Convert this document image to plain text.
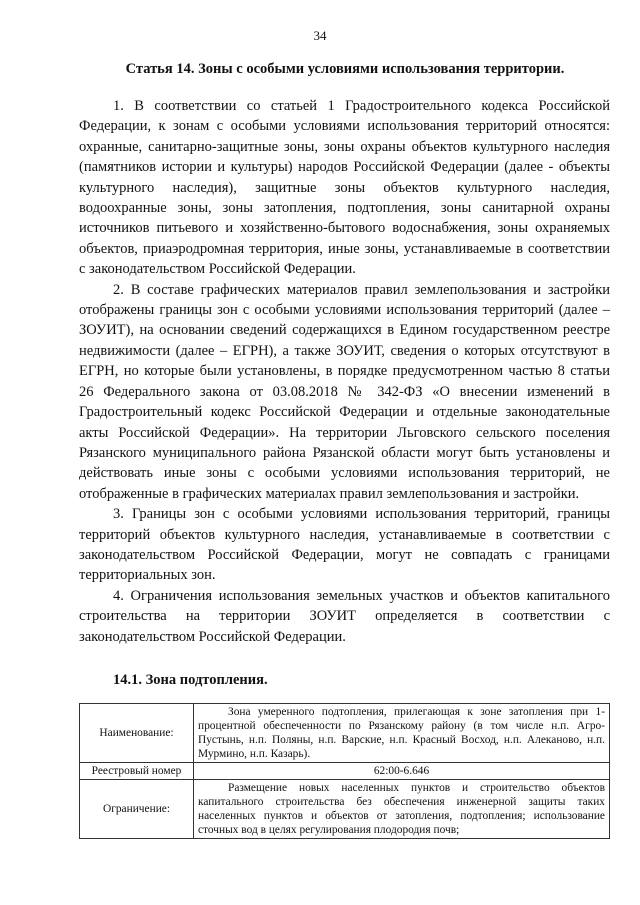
34
Статья 14. Зоны с особыми условиями использования территории.

1. В соответствии со статьей 1 Градостроительного кодекса Российской Федерации, к зонам с особыми условиями использования территорий относятся: охранные, санитарно-защитные зоны, зоны охраны объектов культурного наследия (памятников истории и культуры) народов Российской Федерации (далее - объекты культурного наследия), защитные зоны объектов культурного наследия, водоохранные зоны, зоны затопления, подтопления, зоны санитарной охраны источников питьевого и хозяйственно-бытового водоснабжения, зоны охраняемых объектов, приаэродромная территория, иные зоны, устанавливаемые в соответствии с законодательством Российской Федерации.

2. В составе графических материалов правил землепользования и застройки отображены границы зон с особыми условиями использования территорий (далее – ЗОУИТ), на основании сведений содержащихся в Едином государственном реестре недвижимости (далее – ЕГРН), а также ЗОУИТ, сведения о которых отсутствуют в ЕГРН, но которые были установлены, в порядке предусмотренном частью 8 статьи 26 Федерального закона от 03.08.2018 № 342-ФЗ «О внесении изменений в Градостроительный кодекс Российской Федерации и отдельные законодательные акты Российской Федерации». На территории Льговского сельского поселения Рязанского муниципального района Рязанской области могут быть установлены и действовать иные зоны с особыми условиями использования территорий, не отображенные в графических материалах правил землепользования и застройки.

3. Границы зон с особыми условиями использования территорий, границы территорий объектов культурного наследия, устанавливаемые в соответствии с законодательством Российской Федерации, могут не совпадать с границами территориальных зон.

4. Ограничения использования земельных участков и объектов капитального строительства на территории ЗОУИТ определяется в соответствии с законодательством Российской Федерации.

14.1. Зона подтопления.
Наименование:	Зона умеренного подтопления, прилегающая к зоне затопления при 1-процентной обеспеченности по Рязанскому району (в том числе н.п. Агро-Пустынь, н.п. Поляны, н.п. Варские, н.п. Красный Восход, н.п. Алеканово, н.п. Мурмино, н.п. Казарь).
Реестровый номер	62:00-6.646
Ограничение:	Размещение новых населенных пунктов и строительство объектов капитального строительства без обеспечения инженерной защиты таких населенных пунктов и объектов от затопления, подтопления; использование сточных вод в целях регулирования плодородия почв;
